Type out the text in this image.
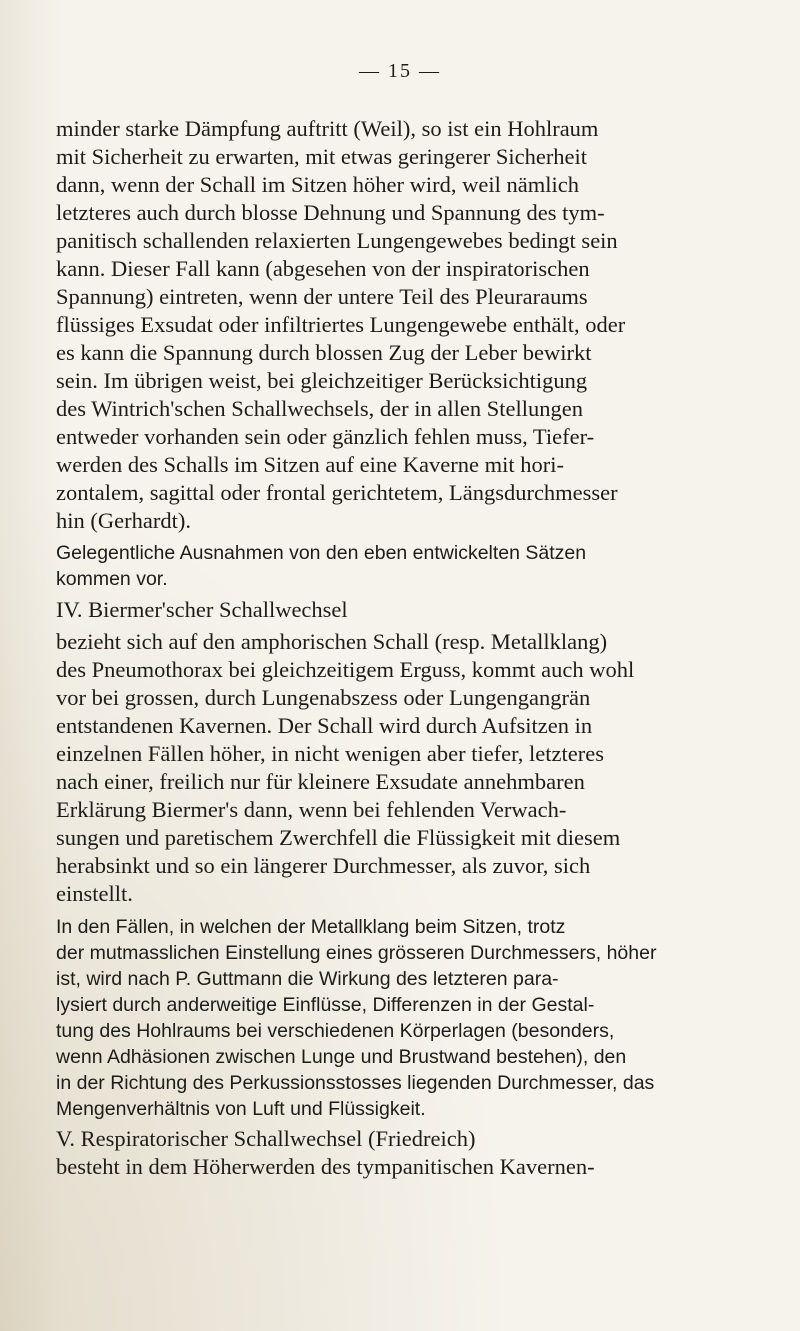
— 15 —
minder starke Dämpfung auftritt (Weil), so ist ein Hohlraum
mit Sicherheit zu erwarten, mit etwas geringerer Sicherheit
dann, wenn der Schall im Sitzen höher wird, weil nämlich
letzteres auch durch blosse Dehnung und Spannung des tym-
panitisch schallenden relaxierten Lungengewebes bedingt sein
kann. Dieser Fall kann (abgesehen von der inspiratorischen
Spannung) eintreten, wenn der untere Teil des Pleuraraums
flüssiges Exsudat oder infiltriertes Lungengewebe enthält, oder
es kann die Spannung durch blossen Zug der Leber bewirkt
sein. Im übrigen weist, bei gleichzeitiger Berücksichtigung
des Wintrich'schen Schallwechsels, der in allen Stellungen
entweder vorhanden sein oder gänzlich fehlen muss, Tiefer-
werden des Schalls im Sitzen auf eine Kaverne mit hori-
zontalem, sagittal oder frontal gerichtetem, Längsdurchmesser
hin (Gerhardt).
Gelegentliche Ausnahmen von den eben entwickelten Sätzen
kommen vor.
IV. Biermer'scher Schallwechsel
bezieht sich auf den amphorischen Schall (resp. Metallklang)
des Pneumothorax bei gleichzeitigem Erguss, kommt auch wohl
vor bei grossen, durch Lungenabszess oder Lungengangrän
entstandenen Kavernen. Der Schall wird durch Aufsitzen in
einzelnen Fällen höher, in nicht wenigen aber tiefer, letzteres
nach einer, freilich nur für kleinere Exsudate annehmbaren
Erklärung Biermer's dann, wenn bei fehlenden Verwach-
sungen und paretischem Zwerchfell die Flüssigkeit mit diesem
herabsinkt und so ein längerer Durchmesser, als zuvor, sich
einstellt.
In den Fällen, in welchen der Metallklang beim Sitzen, trotz
der mutmasslichen Einstellung eines grösseren Durchmessers, höher
ist, wird nach P. Guttmann die Wirkung des letzteren para-
lysiert durch anderweitige Einflüsse, Differenzen in der Gestal-
tung des Hohlraums bei verschiedenen Körperlagen (besonders,
wenn Adhäsionen zwischen Lunge und Brustwand bestehen), den
in der Richtung des Perkussionsstosses liegenden Durchmesser, das
Mengenverhältnis von Luft und Flüssigkeit.
V. Respiratorischer Schallwechsel (Friedreich)
besteht in dem Höherwerden des tympanitischen Kavernen-
